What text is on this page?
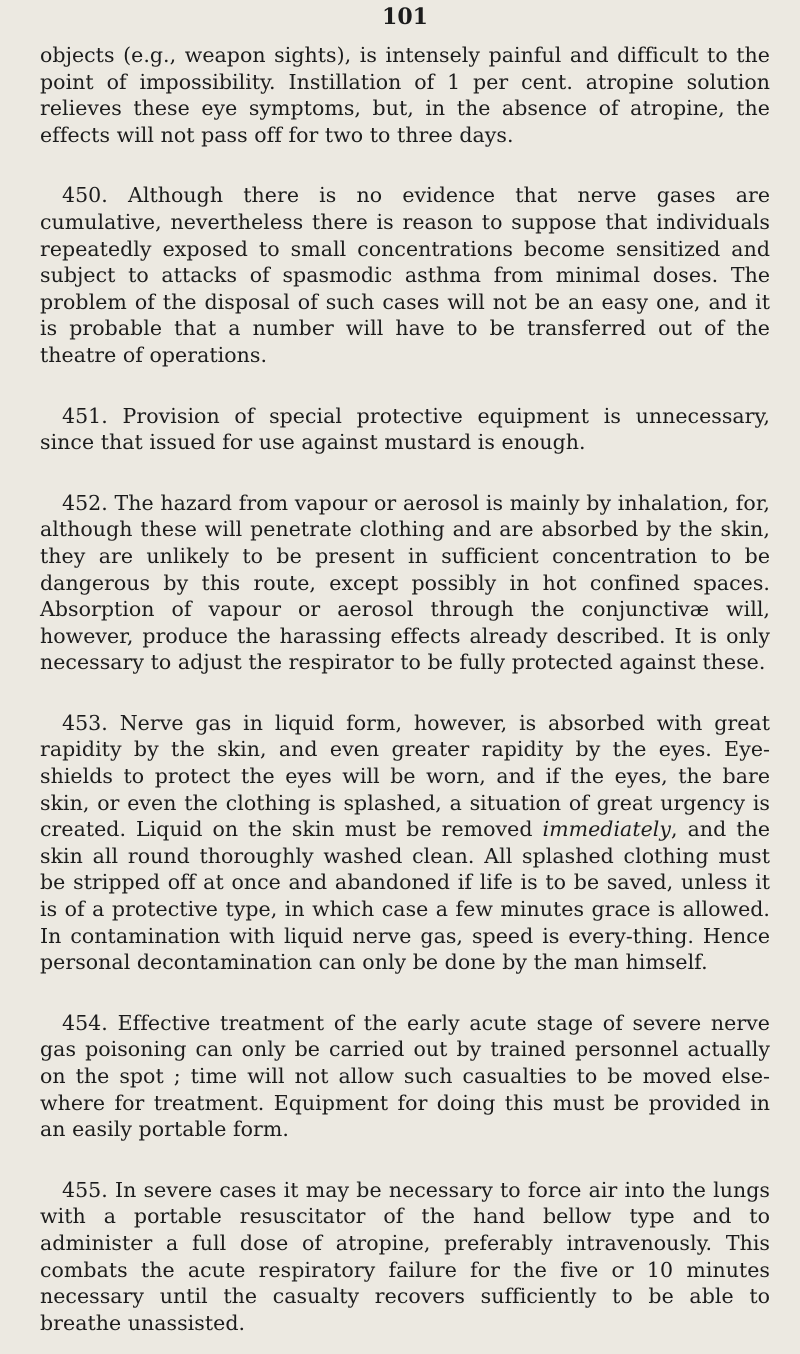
101

objects (e.g., weapon sights), is intensely painful and difficult to the point of impossibility. Instillation of 1 per cent. atropine solution relieves these eye symptoms, but, in the absence of atropine, the effects will not pass off for two to three days.

450. Although there is no evidence that nerve gases are cumulative, nevertheless there is reason to suppose that individuals repeatedly exposed to small concentrations become sensitized and subject to attacks of spasmodic asthma from minimal doses. The problem of the disposal of such cases will not be an easy one, and it is probable that a number will have to be transferred out of the theatre of operations.

451. Provision of special protective equipment is unnecessary, since that issued for use against mustard is enough.

452. The hazard from vapour or aerosol is mainly by inhalation, for, although these will penetrate clothing and are absorbed by the skin, they are unlikely to be present in sufficient concentration to be dangerous by this route, except possibly in hot confined spaces. Absorption of vapour or aerosol through the conjunctivæ will, however, produce the harassing effects already described. It is only necessary to adjust the respirator to be fully protected against these.

453. Nerve gas in liquid form, however, is absorbed with great rapidity by the skin, and even greater rapidity by the eyes. Eye-shields to protect the eyes will be worn, and if the eyes, the bare skin, or even the clothing is splashed, a situation of great urgency is created. Liquid on the skin must be removed immediately, and the skin all round thoroughly washed clean. All splashed clothing must be stripped off at once and abandoned if life is to be saved, unless it is of a protective type, in which case a few minutes grace is allowed. In contamination with liquid nerve gas, speed is every-thing. Hence personal decontamination can only be done by the man himself.

454. Effective treatment of the early acute stage of severe nerve gas poisoning can only be carried out by trained personnel actually on the spot ; time will not allow such casualties to be moved else-where for treatment. Equipment for doing this must be provided in an easily portable form.

455. In severe cases it may be necessary to force air into the lungs with a portable resuscitator of the hand bellow type and to administer a full dose of atropine, preferably intravenously. This combats the acute respiratory failure for the five or 10 minutes necessary until the casualty recovers sufficiently to be able to breathe unassisted.
